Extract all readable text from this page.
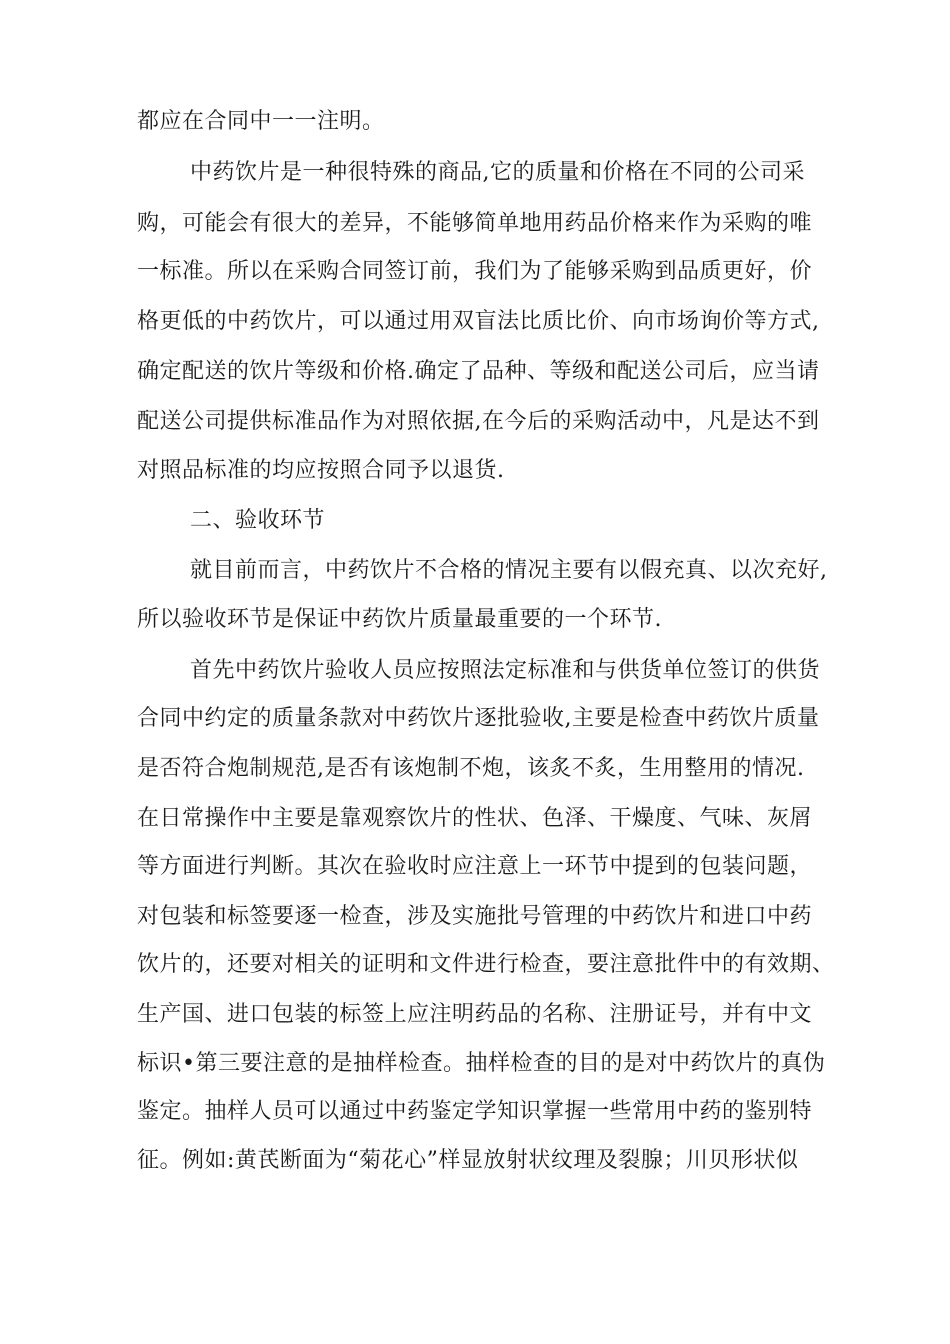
都应在合同中一一注明。
中药饮片是一种很特殊的商品,它的质量和价格在不同的公司采
购，可能会有很大的差异，不能够简单地用药品价格来作为采购的唯
一标准。所以在采购合同签订前，我们为了能够采购到品质更好，价
格更低的中药饮片，可以通过用双盲法比质比价、向市场询价等方式,
确定配送的饮片等级和价格.确定了品种、等级和配送公司后，应当请
配送公司提供标准品作为对照依据,在今后的采购活动中，凡是达不到
对照品标准的均应按照合同予以退货.
二、验收环节
就目前而言，中药饮片不合格的情况主要有以假充真、以次充好,
所以验收环节是保证中药饮片质量最重要的一个环节.
首先中药饮片验收人员应按照法定标准和与供货单位签订的供货
合同中约定的质量条款对中药饮片逐批验收,主要是检查中药饮片质量
是否符合炮制规范,是否有该炮制不炮，该炙不炙，生用整用的情况.
在日常操作中主要是靠观察饮片的性状、色泽、干燥度、气味、灰屑
等方面进行判断。其次在验收时应注意上一环节中提到的包装问题，
对包装和标签要逐一检查，涉及实施批号管理的中药饮片和进口中药
饮片的，还要对相关的证明和文件进行检查，要注意批件中的有效期、
生产国、进口包装的标签上应注明药品的名称、注册证号，并有中文
标识•第三要注意的是抽样检查。抽样检查的目的是对中药饮片的真伪
鉴定。抽样人员可以通过中药鉴定学知识掌握一些常用中药的鉴别特
征。例如:黄芪断面为“菊花心”样显放射状纹理及裂腺；川贝形状似
